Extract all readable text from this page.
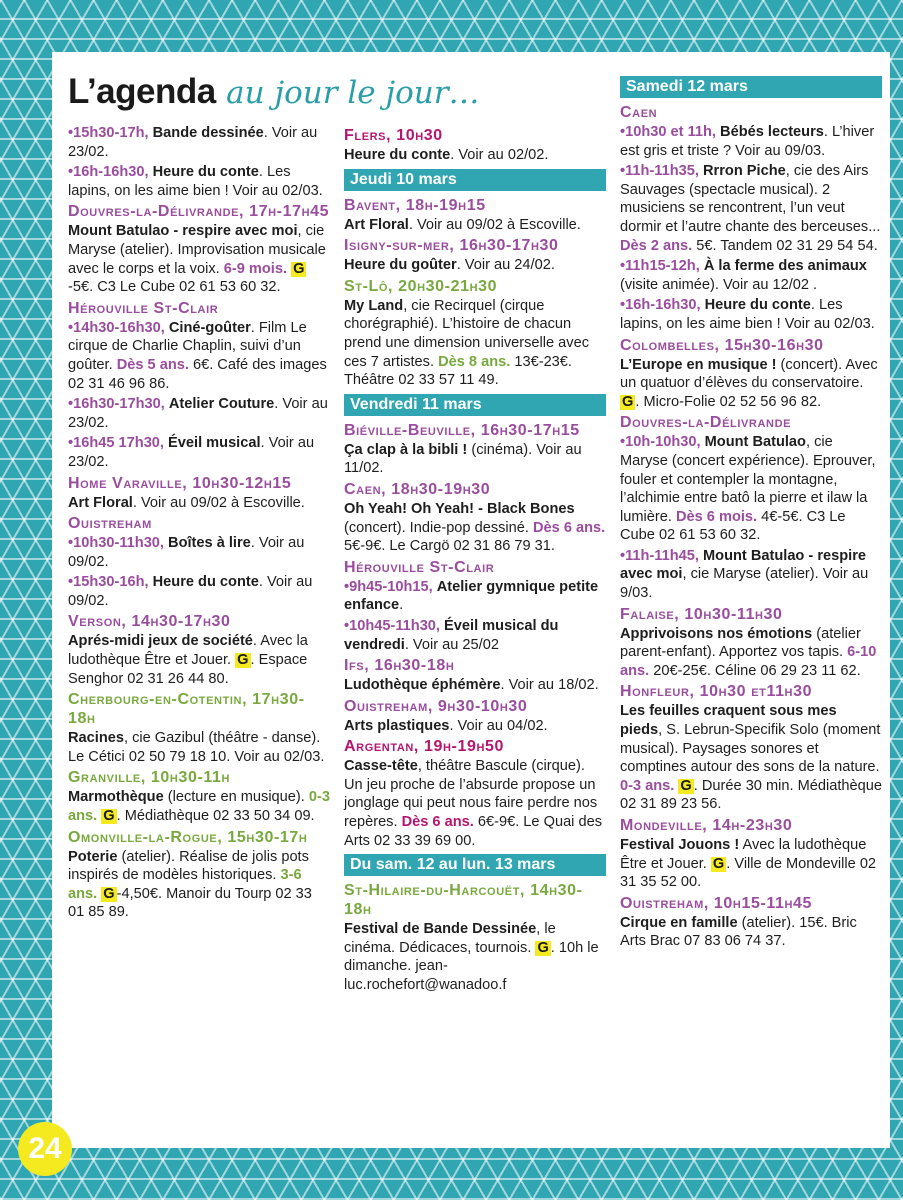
L’agenda au jour le jour…
•15h30-17h, Bande dessinée. Voir au 23/02.
•16h-16h30, Heure du conte. Les lapins, on les aime bien ! Voir au 02/03.
Douvres-la-Délivrande, 17h-17h45
Mount Batulao - respire avec moi, cie Maryse (atelier). Improvisation musicale avec le corps et la voix. 6-9 mois. G-5€. C3 Le Cube 02 61 53 60 32.
Hérouville St-Clair
•14h30-16h30, Ciné-goûter. Film Le cirque de Charlie Chaplin, suivi d’un goûter. Dès 5 ans. 6€. Café des images 02 31 46 96 86.
•16h30-17h30, Atelier Couture. Voir au 23/02.
•16h45 17h30, Éveil musical. Voir au 23/02.
Home Varaville, 10h30-12h15
Art Floral. Voir au 09/02 à Escoville.
Ouistreham
•10h30-11h30, Boîtes à lire. Voir au 09/02.
•15h30-16h, Heure du conte. Voir au 09/02.
Verson, 14h30-17h30
Aprés-midi jeux de société. Avec la ludothèque Être et Jouer. G . Espace Senghor 02 31 26 44 80.
Cherbourg-en-Cotentin, 17h30-18h
Racines, cie Gazibul (théâtre - danse). Le Cétici 02 50 79 18 10. Voir au 02/03.
Granville, 10h30-11h
Marmothèque (lecture en musique). 0-3 ans. G . Médiathèque 02 33 50 34 09.
Omonville-la-Rogue, 15h30-17h
Poterie (atelier). Réalise de jolis pots inspirés de modèles historiques. 3-6 ans. G -4,50€. Manoir du Tourp 02 33 01 85 89.
Flers, 10h30
Heure du conte. Voir au 02/02.
Jeudi 10 mars
Bavent, 18h-19h15
Art Floral. Voir au 09/02 à Escoville.
Isigny-sur-mer, 16h30-17h30
Heure du goûter. Voir au 24/02.
St-Lô, 20h30-21h30
My Land, cie Recirquel (cirque chorégraphié). L’histoire de chacun prend une dimension universelle avec ces 7 artistes. Dès 8 ans. 13€-23€. Théâtre 02 33 57 11 49.
Vendredi 11 mars
Biéville-Beuville, 16h30-17h15
Ça clap à la bibli ! (cinéma). Voir au 11/02.
Caen, 18h30-19h30
Oh Yeah! Oh Yeah! - Black Bones (concert). Indie-pop dessiné. Dès 6 ans. 5€-9€. Le Cargö 02 31 86 79 31.
Hérouville St-Clair
•9h45-10h15, Atelier gymnique petite enfance.
•10h45-11h30, Éveil musical du vendredi. Voir au 25/02
Ifs, 16h30-18h
Ludothèque éphémère. Voir au 18/02.
Ouistreham, 9h30-10h30
Arts plastiques. Voir au 04/02.
Argentan, 19h-19h50
Casse-tête, théâtre Bascule (cirque). Un jeu proche de l’absurde propose un jonglage qui peut nous faire perdre nos repères. Dès 6 ans. 6€-9€. Le Quai des Arts 02 33 39 69 00.
Du sam. 12 au lun. 13 mars
St-Hilaire-du-Harcouët, 14h30-18h
Festival de Bande Dessinée, le cinéma. Dédicaces, tournois. G . 10h le dimanche. jean-luc.rochefort@wanadoo.f
Samedi 12 mars
Caen
•10h30 et 11h, Bébés lecteurs. L’hiver est gris et triste ? Voir au 09/03.
•11h-11h35, Rrron Piche, cie des Airs Sauvages (spectacle musical). 2 musiciens se rencontrent, l’un veut dormir et l’autre chante des berceuses... Dès 2 ans. 5€. Tandem 02 31 29 54 54.
•11h15-12h, À la ferme des animaux (visite animée). Voir au 12/02 .
•16h-16h30, Heure du conte. Les lapins, on les aime bien ! Voir au 02/03.
Colombelles, 15h30-16h30
L’Europe en musique ! (concert). Avec un quatuor d’élèves du conservatoire. G . Micro-Folie 02 52 56 96 82.
Douvres-la-Délivrande
•10h-10h30, Mount Batulao, cie Maryse (concert expérience). Eprouver, fouler et contempler la montagne, l’alchimie entre batô la pierre et ilaw la lumière. Dès 6 mois. 4€-5€. C3 Le Cube 02 61 53 60 32.
•11h-11h45, Mount Batulao - respire avec moi, cie Maryse (atelier). Voir au 9/03.
Falaise, 10h30-11h30
Apprivoisons nos émotions (atelier parent-enfant). Apportez vos tapis. 6-10 ans. 20€-25€. Céline 06 29 23 11 62.
Honfleur, 10h30 et11h30
Les feuilles craquent sous mes pieds, S. Lebrun-Specifik Solo (moment musical). Paysages sonores et comptines autour des sons de la nature. 0-3 ans. G . Durée 30 min. Médiathèque 02 31 89 23 56.
Mondeville, 14h-23h30
Festival Jouons ! Avec la ludothèque Être et Jouer. G . Ville de Mondeville 02 31 35 52 00.
Ouistreham, 10h15-11h45
Cirque en famille (atelier). 15€. Bric Arts Brac 07 83 06 74 37.
24
